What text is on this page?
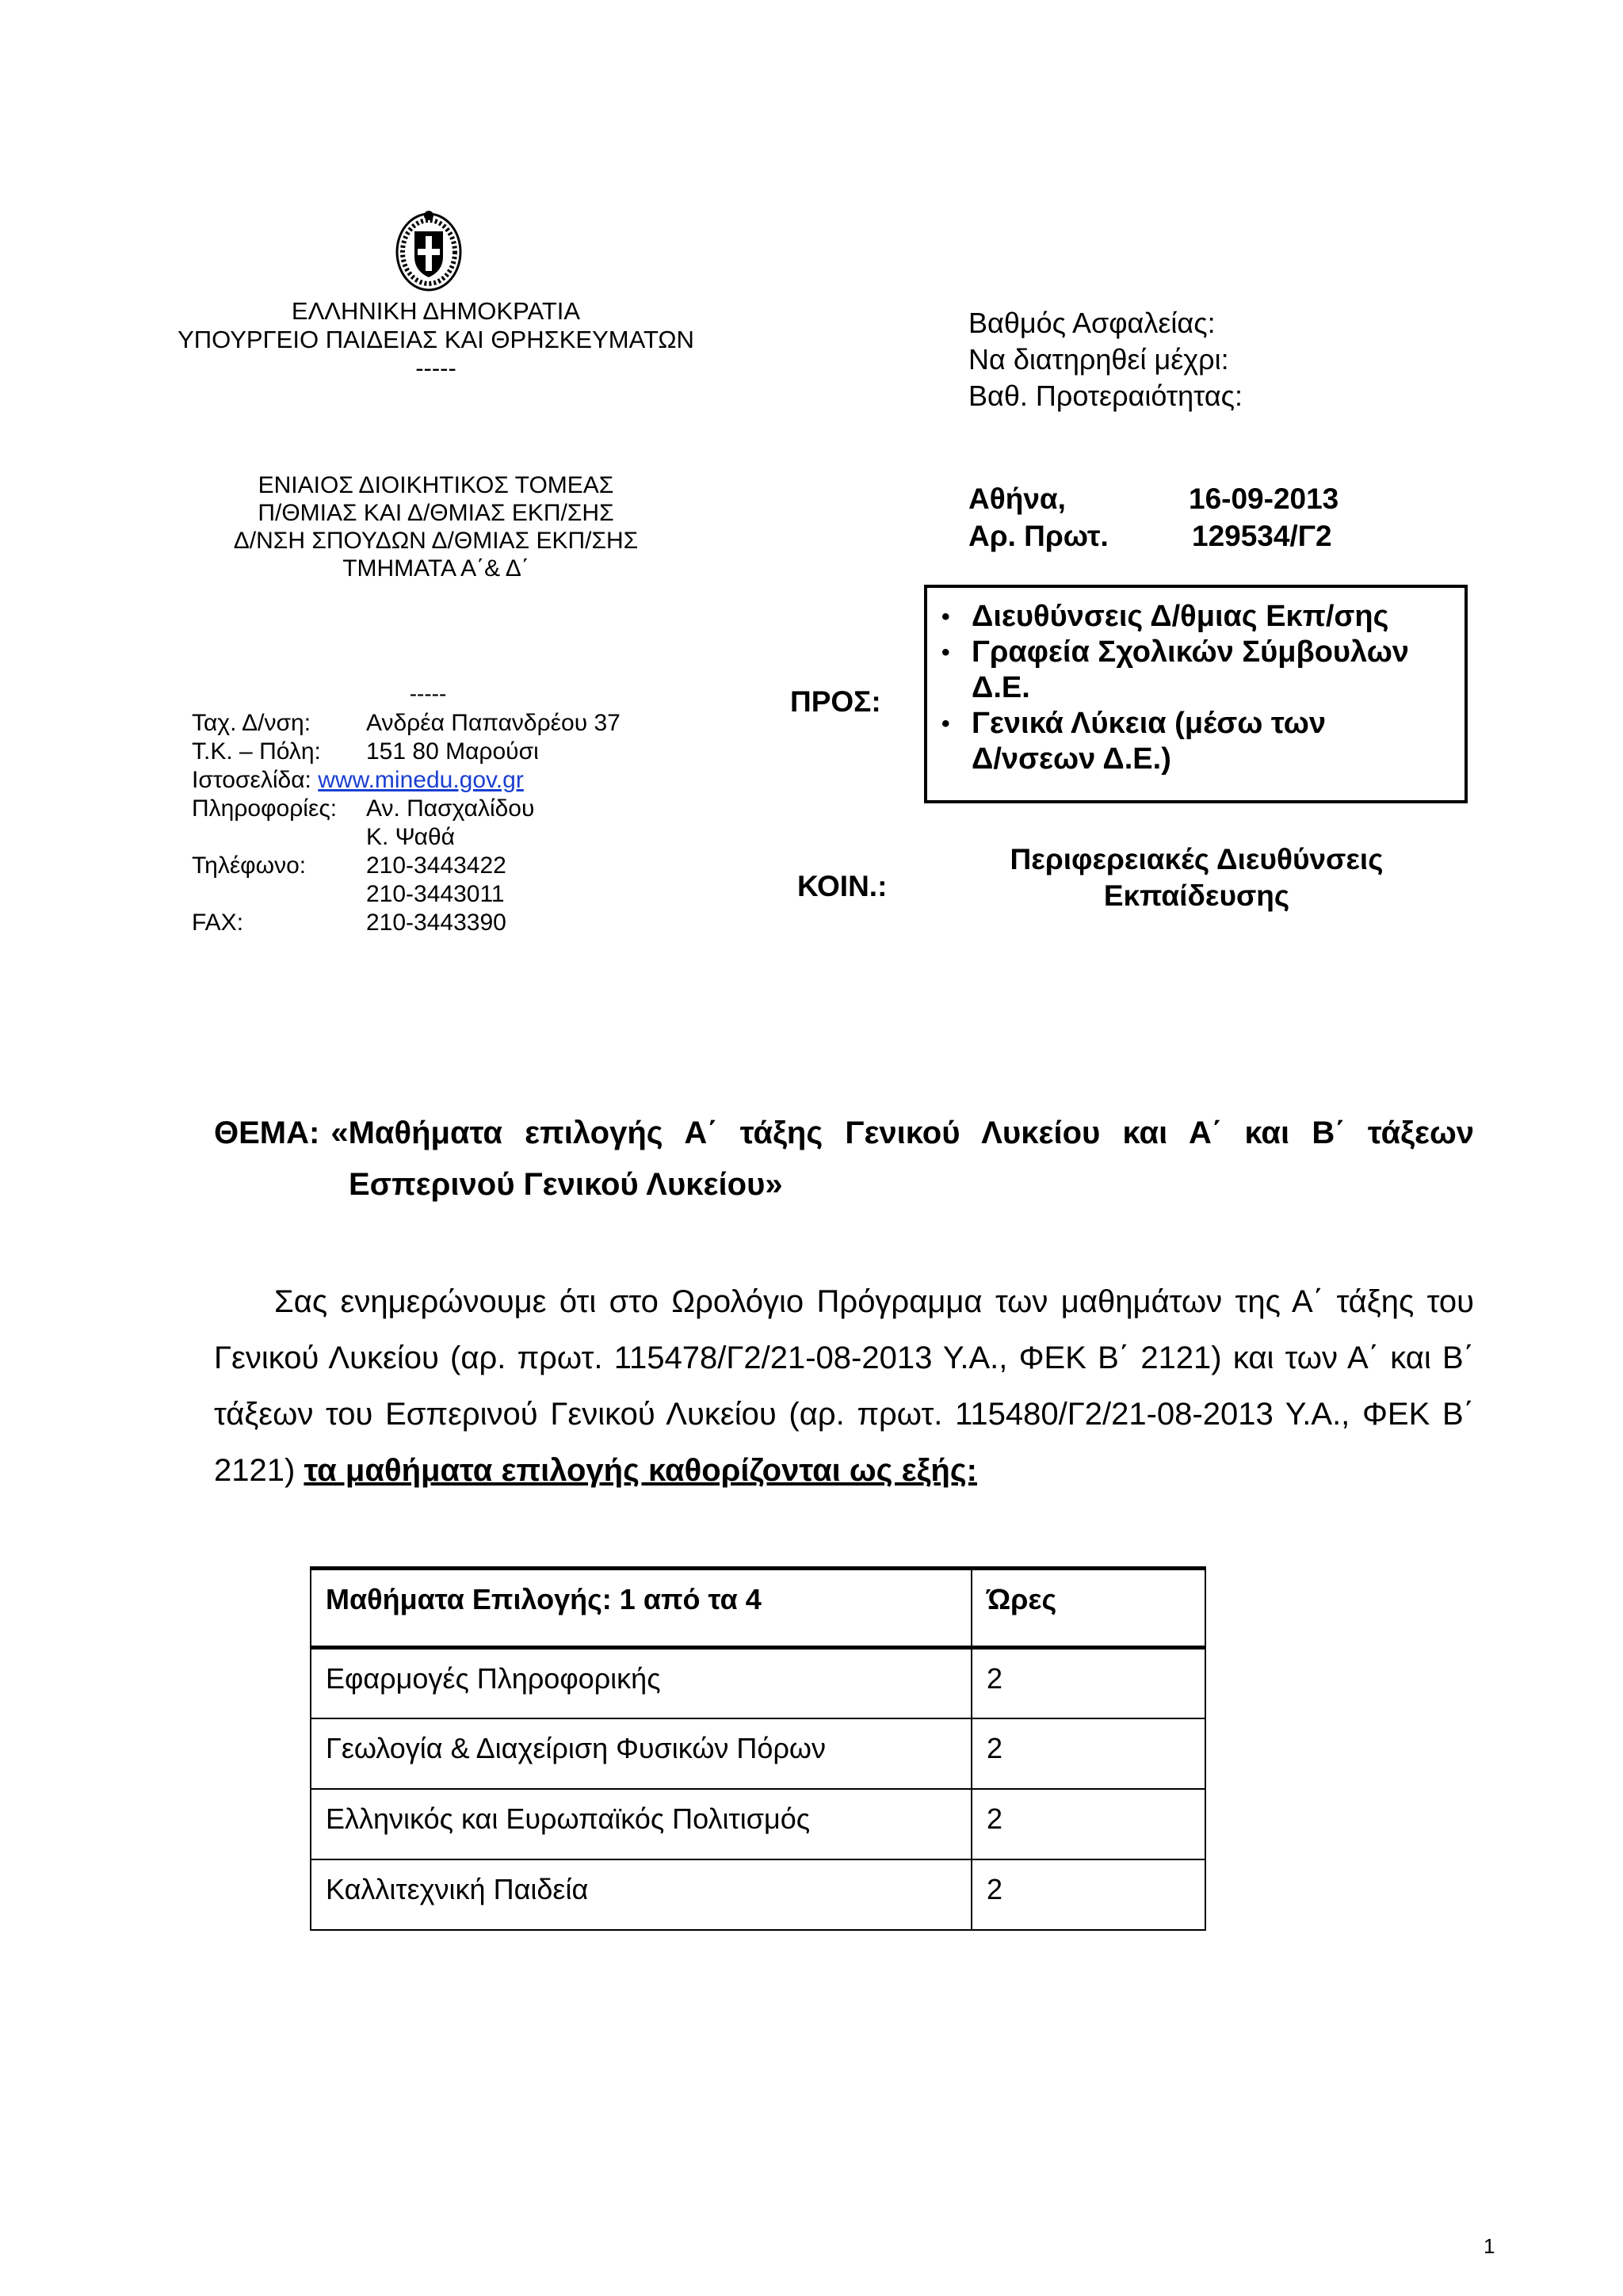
ΕΛΛΗΝΙΚΗ ΔΗΜΟΚΡΑΤΙΑ
ΥΠΟΥΡΓΕΙΟ ΠΑΙΔΕΙΑΣ ΚΑΙ ΘΡΗΣΚΕΥΜΑΤΩΝ
-----
Βαθμός Ασφαλείας:
Να διατηρηθεί μέχρι:
Βαθ. Προτεραιότητας:
ΕΝΙΑΙΟΣ ΔΙΟΙΚΗΤΙΚΟΣ ΤΟΜΕΑΣ
Π/ΘΜΙΑΣ ΚΑΙ Δ/ΘΜΙΑΣ ΕΚΠ/ΣΗΣ
Δ/ΝΣΗ ΣΠΟΥΔΩΝ Δ/ΘΜΙΑΣ ΕΚΠ/ΣΗΣ
ΤΜΗΜΑΤΑ Α΄& Δ΄
Αθήνα,	16-09-2013
Αρ. Πρωτ.	129534/Γ2
-----
Ταχ. Δ/νση: Ανδρέα Παπανδρέου 37
Τ.Κ. – Πόλη: 151 80 Μαρούσι
Ιστοσελίδα: www.minedu.gov.gr
Πληροφορίες: Αν. Πασχαλίδου
Κ. Ψαθά
Τηλέφωνο:	210-3443422
210-3443011
FAX:	210-3443390
ΠΡΟΣ:
• Διευθύνσεις Δ/θμιας Εκπ/σης
• Γραφεία Σχολικών Σύμβουλων
Δ.Ε.
• Γενικά Λύκεια (μέσω των
Δ/νσεων Δ.Ε.)
ΚΟΙΝ.:
Περιφερειακές Διευθύνσεις
Εκπαίδευσης
ΘΕΜΑ: «Μαθήματα επιλογής Α΄ τάξης Γενικού Λυκείου και Α΄ και Β΄ τάξεων
Εσπερινού Γενικού Λυκείου»
Σας ενημερώνουμε ότι στο Ωρολόγιο Πρόγραμμα των μαθημάτων της Α΄ τάξης του Γενικού Λυκείου (αρ. πρωτ. 115478/Γ2/21-08-2013 Υ.Α., ΦΕΚ Β΄ 2121) και των Α΄ και Β΄ τάξεων του Εσπερινού Γενικού Λυκείου (αρ. πρωτ. 115480/Γ2/21-08-2013 Υ.Α., ΦΕΚ Β΄ 2121) τα μαθήματα επιλογής καθορίζονται ως εξής:
Μαθήματα Επιλογής: 1 από τα 4	Ώρες
Εφαρμογές Πληροφορικής	2
Γεωλογία & Διαχείριση Φυσικών Πόρων	2
Ελληνικός και Ευρωπαϊκός Πολιτισμός	2
Καλλιτεχνική Παιδεία	2
1
